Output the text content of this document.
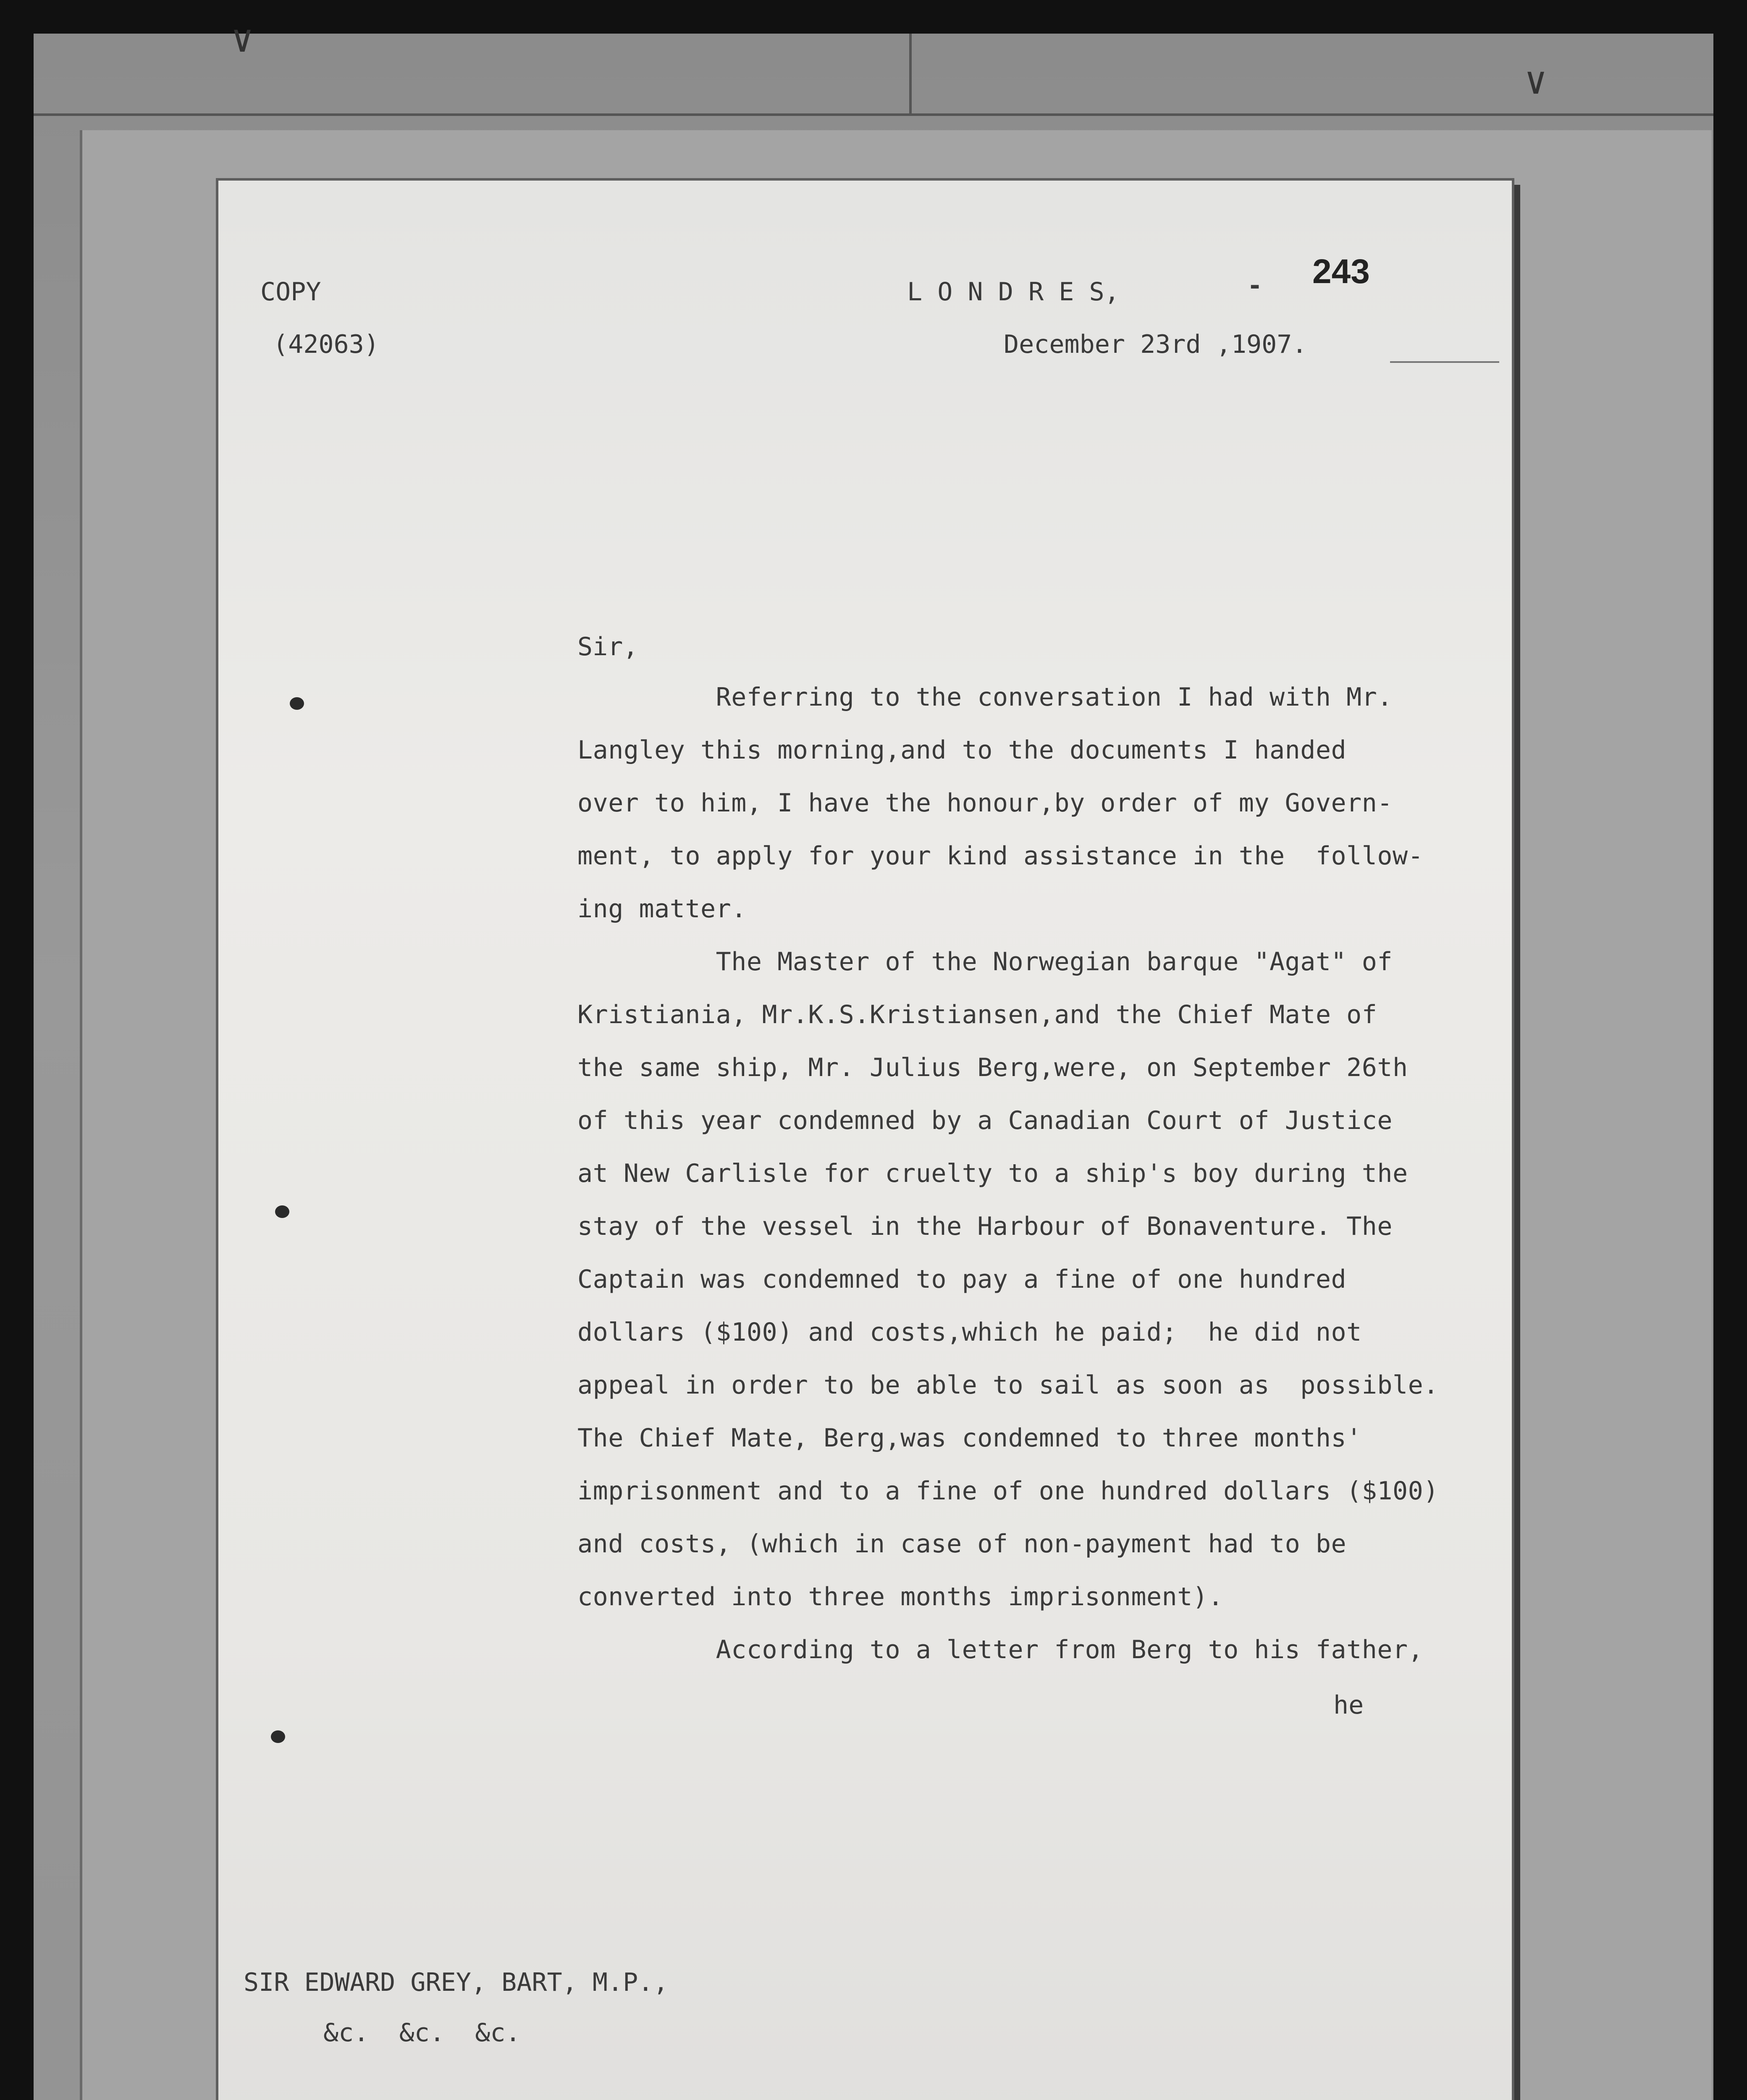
∨
∨
COPY
(42063)
L O N D R E S,	- 243
December 23rd ,1907.
Sir,
Referring to the conversation I had with Mr.
Langley this morning,and to the documents I handed
over to him, I have the honour,by order of my Govern-
ment, to apply for your kind assistance in the  follow-
ing matter.
The Master of the Norwegian barque "Agat" of
Kristiania, Mr.K.S.Kristiansen,and the Chief Mate of
the same ship, Mr. Julius Berg,were, on September 26th
of this year condemned by a Canadian Court of Justice
at New Carlisle for cruelty to a ship's boy during the
stay of the vessel in the Harbour of Bonaventure. The
Captain was condemned to pay a fine of one hundred
dollars ($100) and costs,which he paid;  he did not
appeal in order to be able to sail as soon as  possible.
The Chief Mate, Berg,was condemned to three months'
imprisonment and to a fine of one hundred dollars ($100)
and costs, (which in case of non-payment had to be
converted into three months imprisonment).
According to a letter from Berg to his father,
he
SIR EDWARD GREY, BART, M.P.,
&c.  &c.  &c.
